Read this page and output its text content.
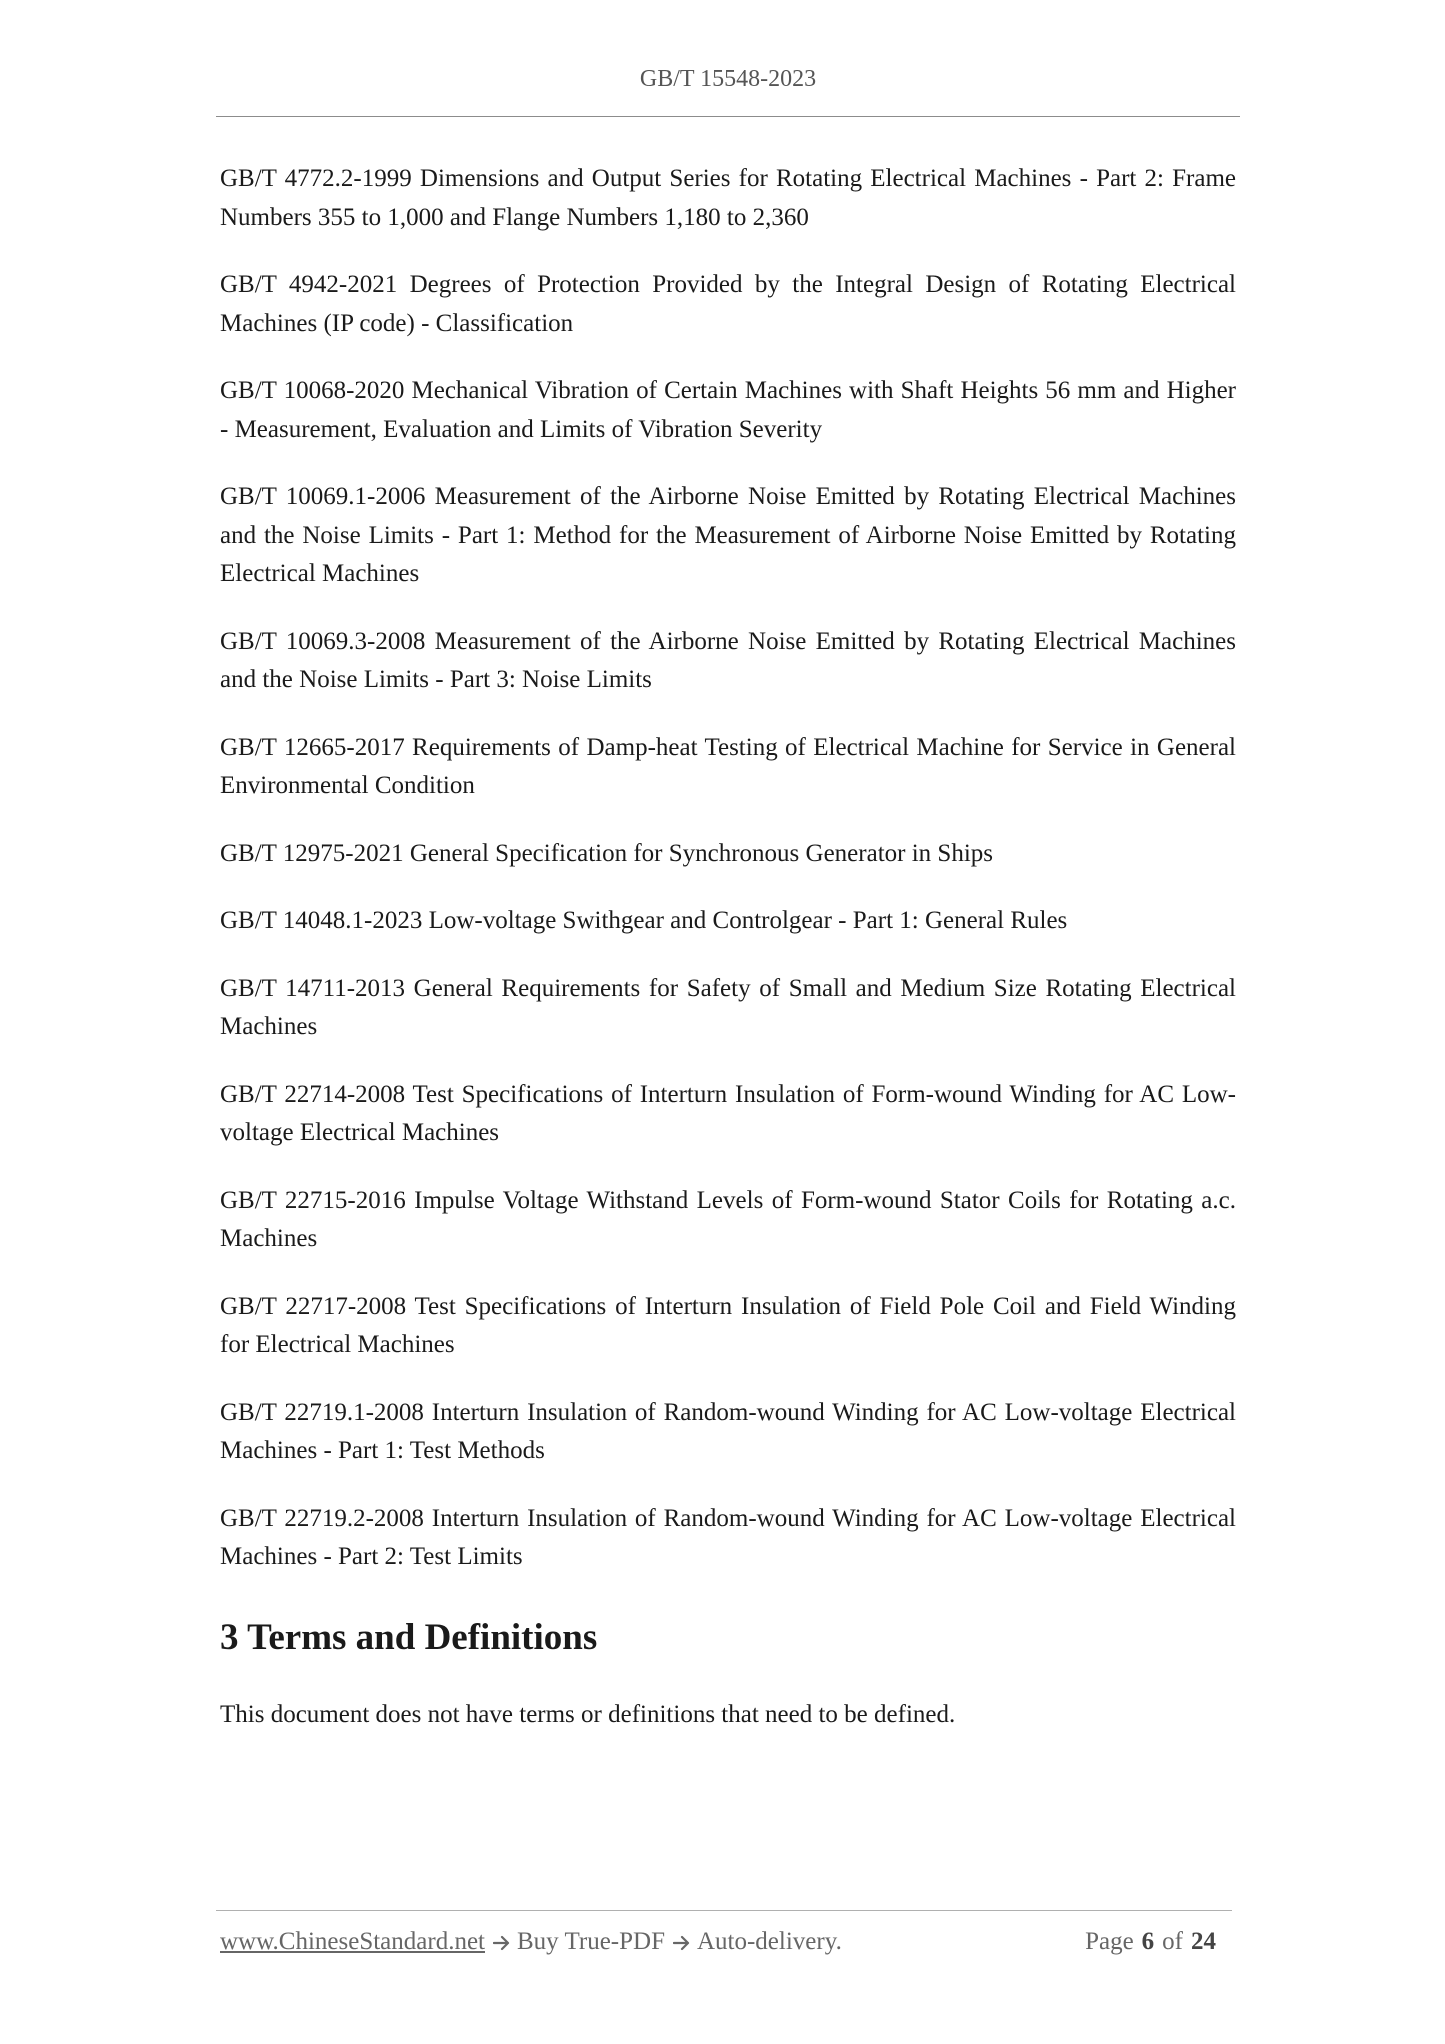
GB/T 15548-2023
GB/T 4772.2-1999 Dimensions and Output Series for Rotating Electrical Machines - Part 2: Frame Numbers 355 to 1,000 and Flange Numbers 1,180 to 2,360
GB/T 4942-2021 Degrees of Protection Provided by the Integral Design of Rotating Electrical Machines (IP code) - Classification
GB/T 10068-2020 Mechanical Vibration of Certain Machines with Shaft Heights 56 mm and Higher - Measurement, Evaluation and Limits of Vibration Severity
GB/T 10069.1-2006 Measurement of the Airborne Noise Emitted by Rotating Electrical Machines and the Noise Limits - Part 1: Method for the Measurement of Airborne Noise Emitted by Rotating Electrical Machines
GB/T 10069.3-2008 Measurement of the Airborne Noise Emitted by Rotating Electrical Machines and the Noise Limits - Part 3: Noise Limits
GB/T 12665-2017 Requirements of Damp-heat Testing of Electrical Machine for Service in General Environmental Condition
GB/T 12975-2021 General Specification for Synchronous Generator in Ships
GB/T 14048.1-2023 Low-voltage Swithgear and Controlgear - Part 1: General Rules
GB/T 14711-2013 General Requirements for Safety of Small and Medium Size Rotating Electrical Machines
GB/T 22714-2008 Test Specifications of Interturn Insulation of Form-wound Winding for AC Low-voltage Electrical Machines
GB/T 22715-2016 Impulse Voltage Withstand Levels of Form-wound Stator Coils for Rotating a.c. Machines
GB/T 22717-2008 Test Specifications of Interturn Insulation of Field Pole Coil and Field Winding for Electrical Machines
GB/T 22719.1-2008 Interturn Insulation of Random-wound Winding for AC Low-voltage Electrical Machines - Part 1: Test Methods
GB/T 22719.2-2008 Interturn Insulation of Random-wound Winding for AC Low-voltage Electrical Machines - Part 2: Test Limits
3 Terms and Definitions

This document does not have terms or definitions that need to be defined.

www.ChineseStandard.net Buy True-PDF Auto-delivery.	Page 6 of 24
